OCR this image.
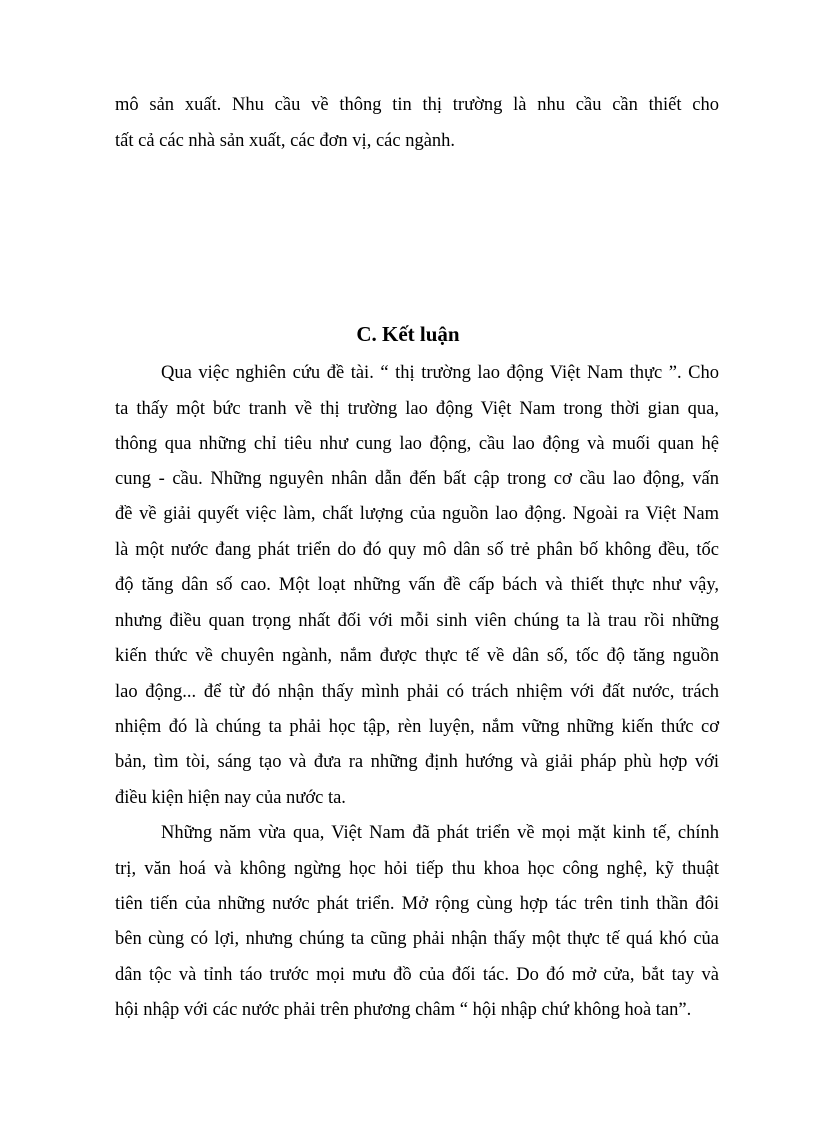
mô sản xuất. Nhu cầu về thông tin thị trường là nhu cầu cần thiết cho
tất cả các nhà sản xuất, các đơn vị, các ngành.
C. Kết luận
Qua việc nghiên cứu đề tài. “ thị trường lao động Việt Nam thực ”. Cho
ta thấy một bức tranh về thị trường lao động Việt Nam trong thời gian qua,
thông qua những chỉ tiêu như cung lao động, cầu lao động và muối quan hệ
cung - cầu. Những nguyên nhân dẫn đến bất cập trong cơ cầu lao động, vấn
đề về giải quyết việc làm, chất lượng của nguồn lao động. Ngoài ra Việt Nam
là một nước đang phát triển do đó quy mô dân số trẻ phân bố không đều, tốc
độ tăng dân số cao. Một loạt những vấn đề cấp bách và thiết thực như vậy,
nhưng điều quan trọng nhất đối với mỗi sinh viên chúng ta là trau rồi những
kiến thức về chuyên ngành, nắm được thực tế về dân số, tốc độ tăng nguồn
lao động... để từ đó nhận thấy mình phải có trách nhiệm với đất nước, trách
nhiệm đó là chúng ta phải học tập, rèn luyện, nắm vững những kiến thức cơ
bản, tìm tòi, sáng tạo và đưa ra những định hướng và giải pháp phù hợp với
điều kiện hiện nay của nước ta.
Những năm vừa qua, Việt Nam đã phát triển về mọi mặt kinh tế, chính
trị, văn hoá và không ngừng học hỏi tiếp thu khoa học công nghệ, kỹ thuật
tiên tiến của những nước phát triển. Mở rộng cùng hợp tác trên tinh thần đôi
bên cùng có lợi, nhưng chúng ta cũng phải nhận thấy một thực tế quá khó của
dân tộc và tỉnh táo trước mọi mưu đồ của đối tác. Do đó mở cửa, bắt tay và
hội nhập với các nước phải trên phương châm “ hội nhập chứ không hoà tan”.
